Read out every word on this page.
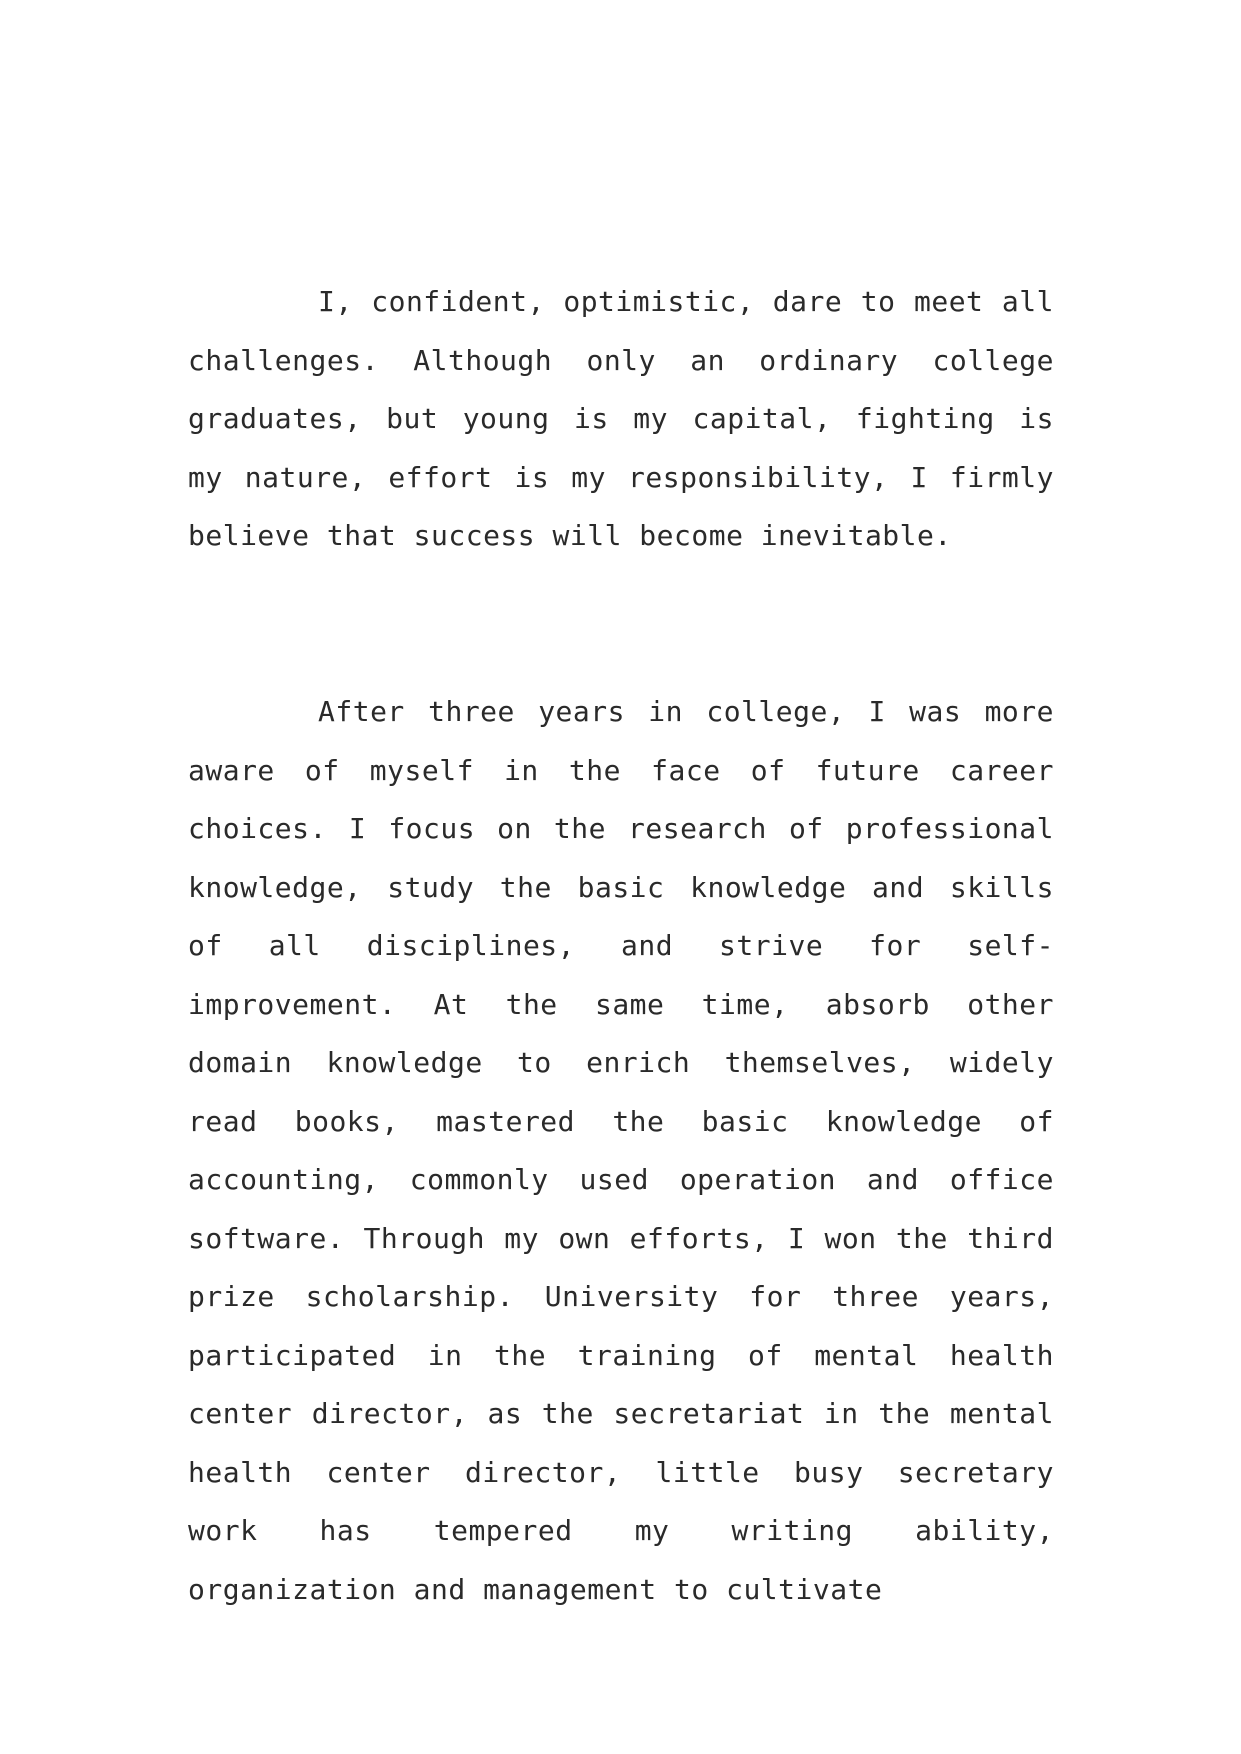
I, confident, optimistic, dare to meet all challenges. Although only an ordinary college graduates, but young is my capital, fighting is my nature, effort is my responsibility, I firmly believe that success will become inevitable.

After three years in college, I was more aware of myself in the face of future career choices. I focus on the research of professional knowledge, study the basic knowledge and skills of all disciplines, and strive for self-improvement. At the same time, absorb other domain knowledge to enrich themselves, widely read books, mastered the basic knowledge of accounting, commonly used operation and office software. Through my own efforts, I won the third prize scholarship. University for three years, participated in the training of mental health center director, as the secretariat in the mental health center director, little busy secretary work has tempered my writing ability, organization and management to cultivate
